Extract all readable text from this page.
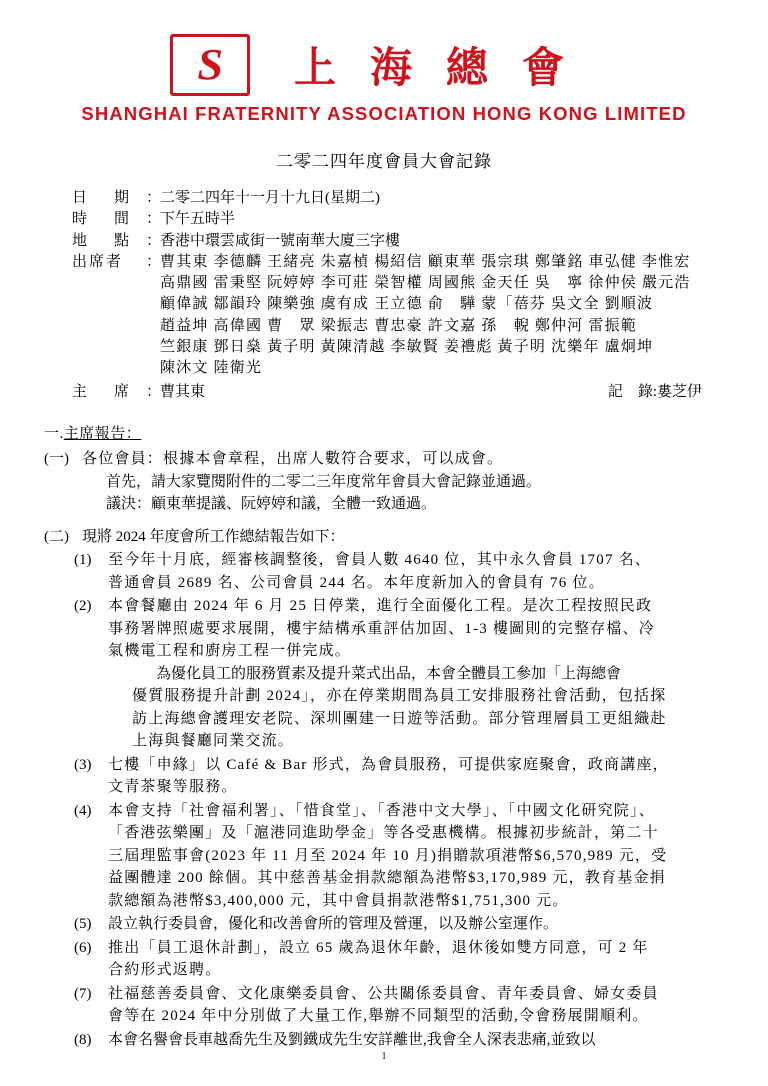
S	上海總會
SHANGHAI FRATERNITY ASSOCIATION HONG KONG LIMITED
二零二四年度會員大會記錄
日　期 ：
二零二四年十一月十九日(星期二)
時　間 ：
下午五時半
地　點 ：
香港中環雲咸街一號南華大廈三字樓
出席者	：
曹其東 李德麟 王緒亮 朱嘉楨 楊紹信 顧東華 張宗琪 鄭肇銘 車弘健 李惟宏
高鼎國 雷秉堅 阮婷婷 李可莊 榮智權 周國熊 金天任 吳　寧 徐仲侯 嚴元浩
顧偉誠 鄒韻玲 陳樂強 虞有成 王立德 俞　驊 蒙「蓓芬 吳文全 劉順波
趙益坤 高偉國 曹　眾 梁振志 曹忠豪 許文嘉 孫　輗 鄭仲河 雷振範
竺銀康 鄧日燊 黃子明 黃陳清越 李敏賢 姜禮彪 黃子明 沈樂年 盧炯坤
陳沐文 陸衛光
主　席 ：
曹其東	記　錄:婁芝伊
一.主席報告：
(一) 各位會員：根據本會章程，出席人數符合要求，可以成會。
首先，請大家覽閱附件的二零二三年度常年會員大會記錄並通過。
議決：顧東華提議、阮婷婷和議，全體一致通過。
(二) 現將 2024 年度會所工作總結報告如下：
(1)	至今年十月底，經審核調整後，會員人數 4640 位，其中永久會員 1707 名、
普通會員 2689 名、公司會員 244 名。本年度新加入的會員有 76 位。
(2)	本會餐廳由 2024 年 6 月 25 日停業，進行全面優化工程。是次工程按照民政
事務署牌照處要求展開，樓宇結構承重評估加固、1-3 樓圖則的完整存檔、冷
氣機電工程和廚房工程一併完成。
為優化員工的服務質素及提升菜式出品，本會全體員工參加「上海總會
優質服務提升計劃 2024」，亦在停業期間為員工安排服務社會活動，包括探
訪上海總會護理安老院、深圳團建一日遊等活動。部分管理層員工更組織赴
上海與餐廳同業交流。
(3)	七樓「申緣」以 Café & Bar 形式，為會員服務，可提供家庭聚會，政商講座，
文青茶聚等服務。
(4)	本會支持「社會福利署」、「惜食堂」、「香港中文大學」、「中國文化研究院」、
「香港弦樂團」及「滬港同進助學金」等各受惠機構。根據初步統計，第二十
三屆理監事會(2023 年 11 月至 2024 年 10 月)捐贈款項港幣$6,570,989 元，受
益團體達 200 餘個。其中慈善基金捐款總額為港幣$3,170,989 元，教育基金捐
款總額為港幣$3,400,000 元，其中會員捐款港幣$1,751,300 元。
(5)	設立執行委員會，優化和改善會所的管理及營運，以及辦公室運作。
(6)	推出「員工退休計劃」，設立 65 歲為退休年齡，退休後如雙方同意，可 2 年
合約形式返聘。
(7)	社福慈善委員會、文化康樂委員會、公共關係委員會、青年委員會、婦女委員
會等在 2024 年中分別做了大量工作,舉辦不同類型的活動,令會務展開順利。
(8)	本會名譽會長車越喬先生及劉鐵成先生安詳離世,我會全人深表悲痛,並致以
1
